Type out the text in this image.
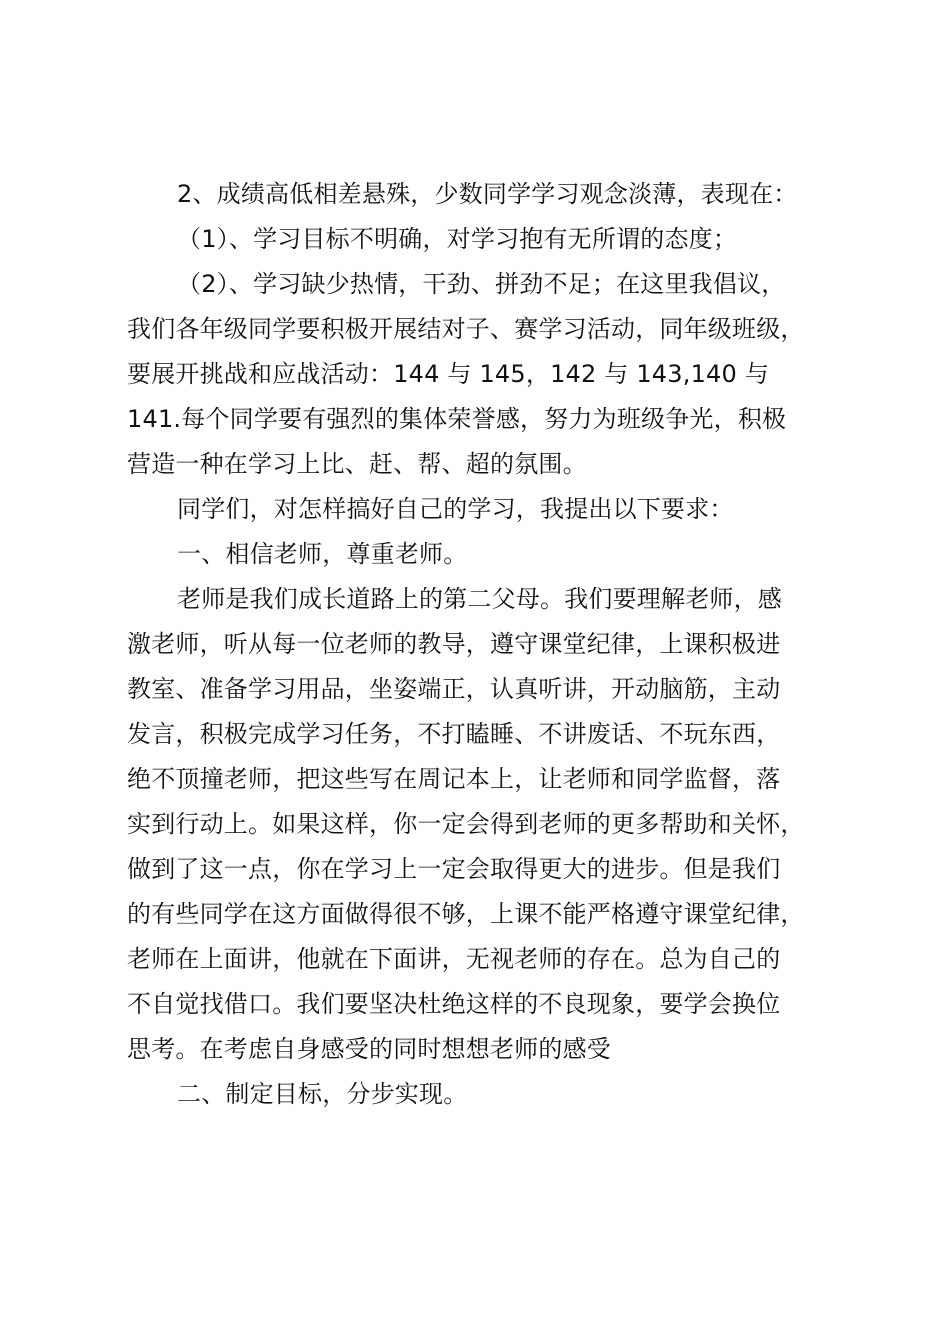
2、成绩高低相差悬殊，少数同学学习观念淡薄，表现在：
（1）、学习目标不明确，对学习抱有无所谓的态度；
（2）、学习缺少热情，干劲、拼劲不足；在这里我倡议，
我们各年级同学要积极开展结对子、赛学习活动，同年级班级，
要展开挑战和应战活动：144 与 145，142 与 143,140 与
141.每个同学要有强烈的集体荣誉感，努力为班级争光，积极
营造一种在学习上比、赶、帮、超的氛围。
同学们，对怎样搞好自己的学习，我提出以下要求：
一、相信老师，尊重老师。
老师是我们成长道路上的第二父母。我们要理解老师，感
激老师，听从每一位老师的教导，遵守课堂纪律，上课积极进
教室、准备学习用品，坐姿端正，认真听讲，开动脑筋，主动
发言，积极完成学习任务，不打瞌睡、不讲废话、不玩东西，
绝不顶撞老师，把这些写在周记本上，让老师和同学监督，落
实到行动上。如果这样，你一定会得到老师的更多帮助和关怀，
做到了这一点，你在学习上一定会取得更大的进步。但是我们
的有些同学在这方面做得很不够，上课不能严格遵守课堂纪律，
老师在上面讲，他就在下面讲，无视老师的存在。总为自己的
不自觉找借口。我们要坚决杜绝这样的不良现象，要学会换位
思考。在考虑自身感受的同时想想老师的感受
二、制定目标，分步实现。
